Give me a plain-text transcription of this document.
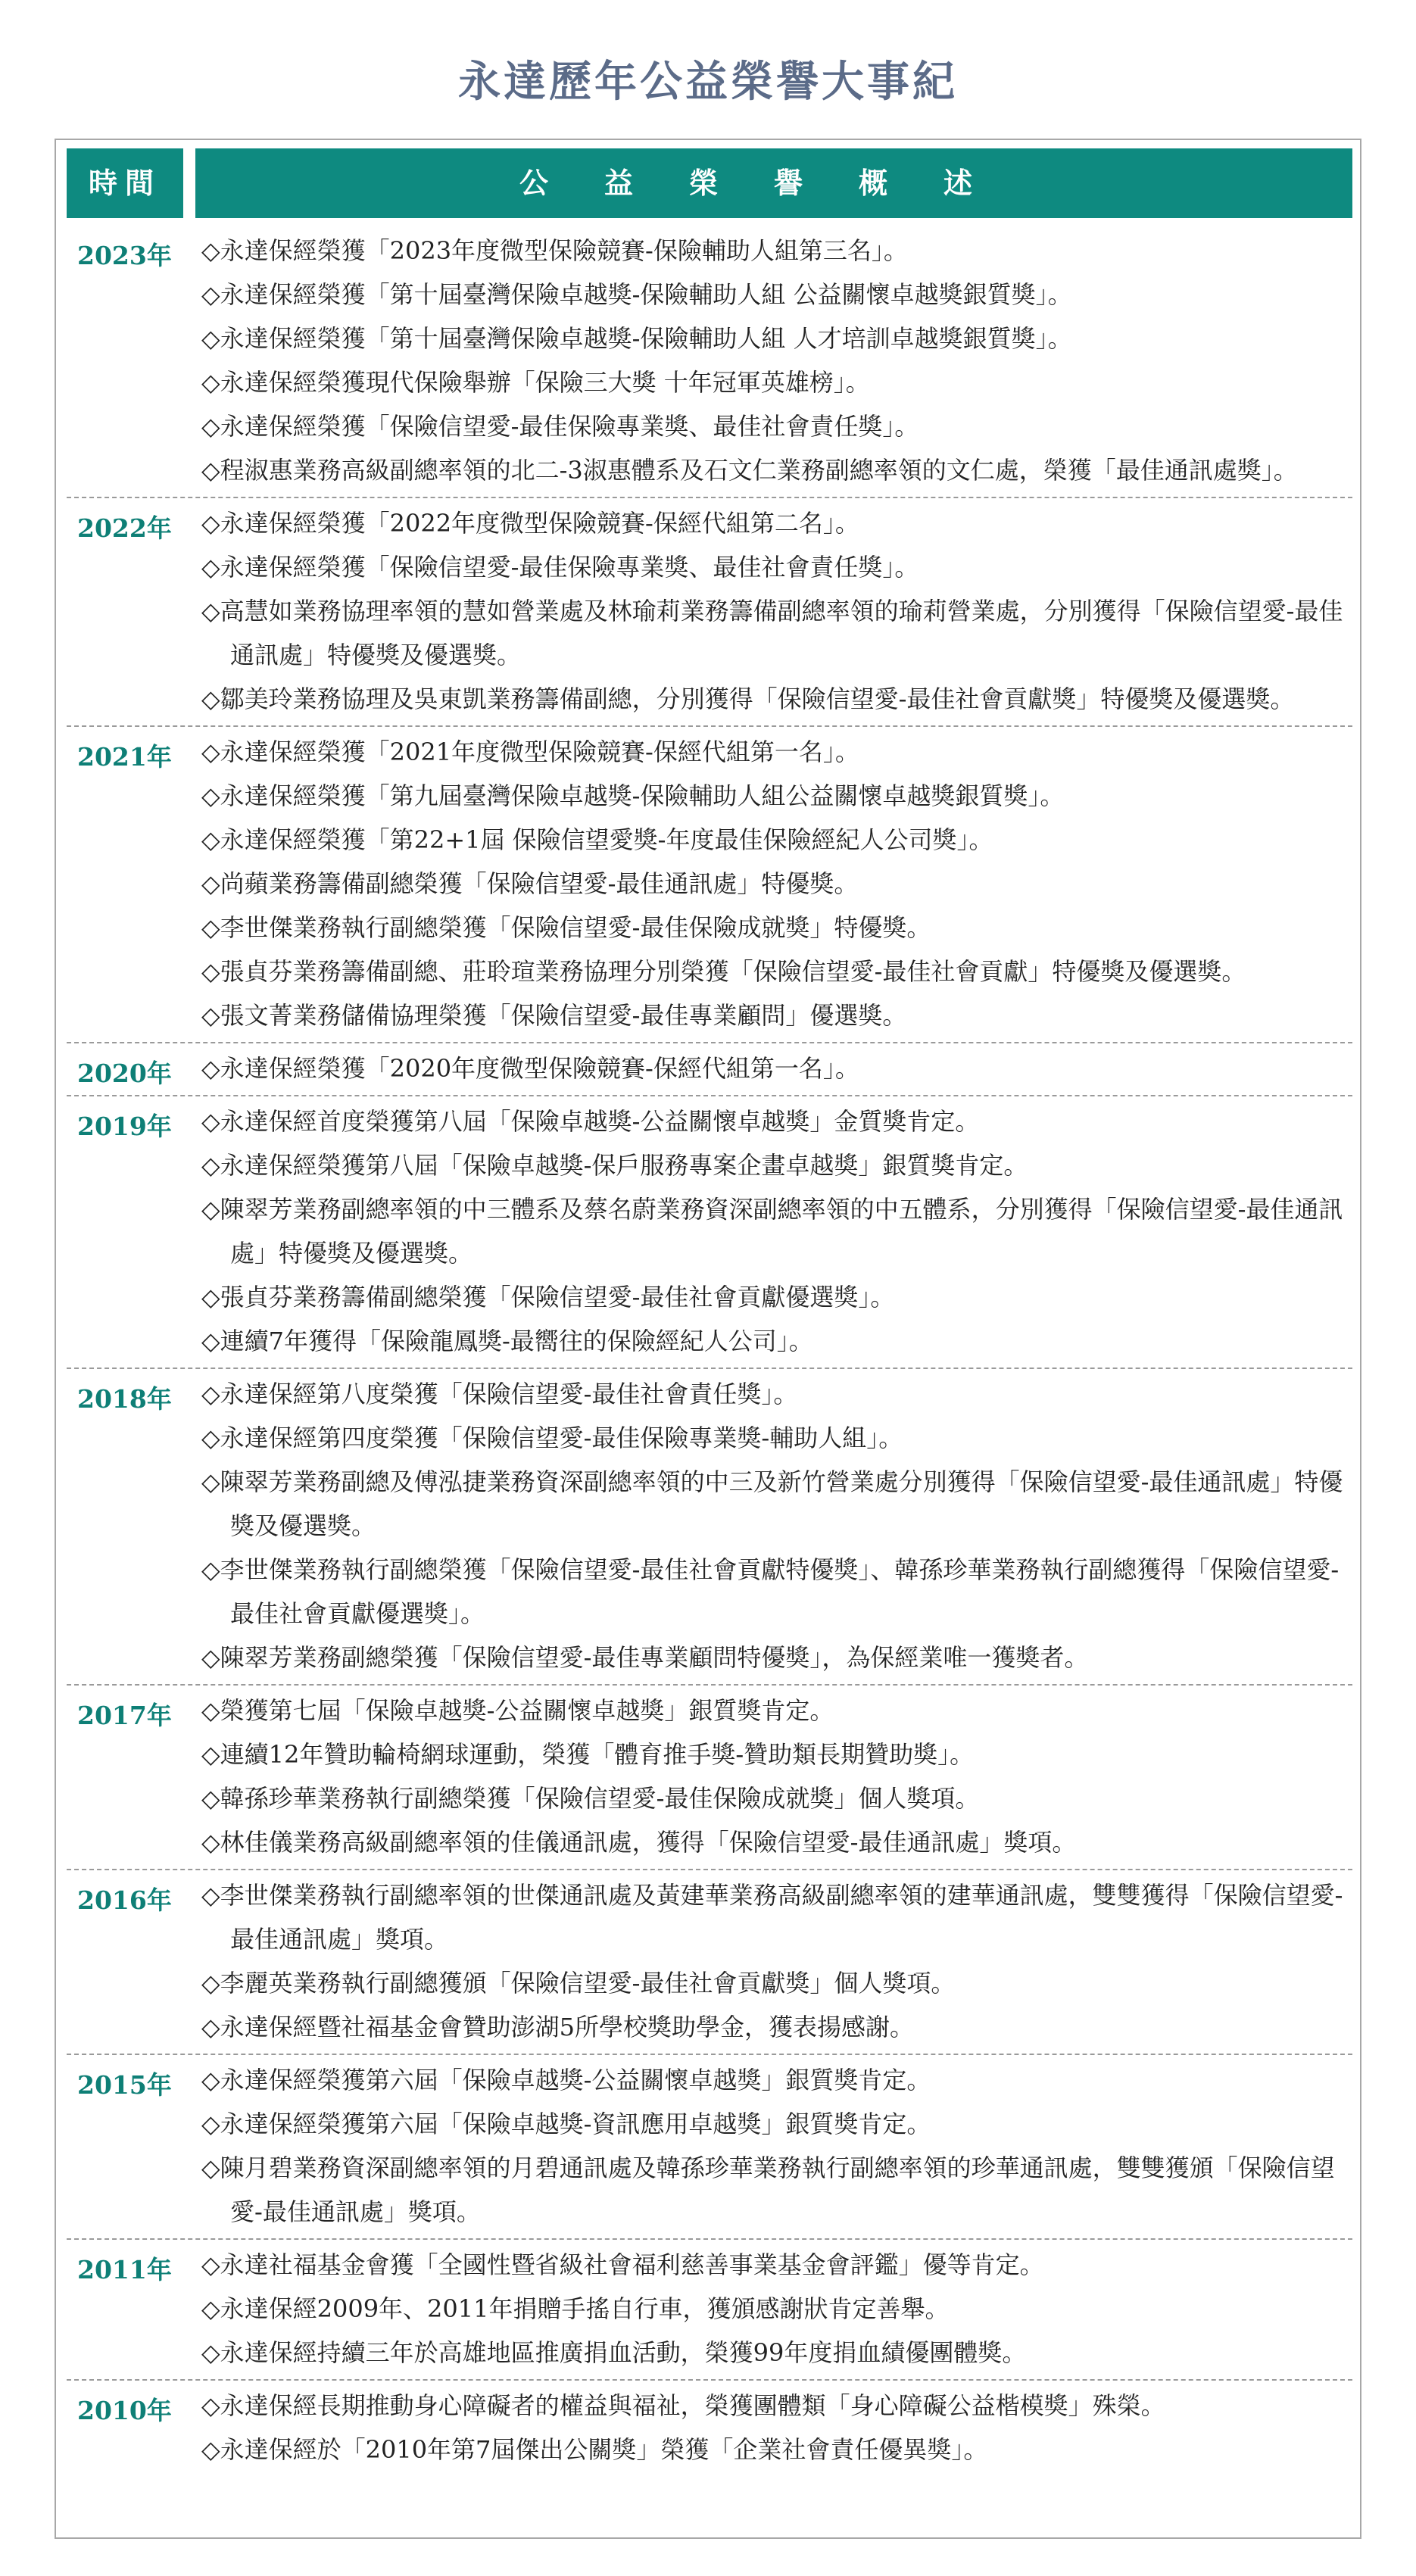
永達歷年公益榮譽大事紀
時間	公益榮譽概述
2023年	◇永達保經榮獲「2023年度微型保險競賽-保險輔助人組第三名」。

◇永達保經榮獲「第十屆臺灣保險卓越獎-保險輔助人組 公益關懷卓越獎銀質獎」。

◇永達保經榮獲「第十屆臺灣保險卓越獎-保險輔助人組 人才培訓卓越獎銀質獎」。

◇永達保經榮獲現代保險舉辦「保險三大獎 十年冠軍英雄榜」。

◇永達保經榮獲「保險信望愛-最佳保險專業獎、最佳社會責任獎」。

◇程淑惠業務高級副總率領的北二-3淑惠體系及石文仁業務副總率領的文仁處，榮獲「最佳通訊處獎」。

2022年	◇永達保經榮獲「2022年度微型保險競賽-保經代組第二名」。

◇永達保經榮獲「保險信望愛-最佳保險專業獎、最佳社會責任獎」。

◇高慧如業務協理率領的慧如營業處及林瑜莉業務籌備副總率領的瑜莉營業處，分別獲得「保險信望愛-最佳通訊處」特優獎及優選獎。

◇鄒美玲業務協理及吳東凱業務籌備副總，分別獲得「保險信望愛-最佳社會貢獻獎」特優獎及優選獎。

2021年	◇永達保經榮獲「2021年度微型保險競賽-保經代組第一名」。

◇永達保經榮獲「第九屆臺灣保險卓越獎-保險輔助人組公益關懷卓越獎銀質獎」。

◇永達保經榮獲「第22+1屆 保險信望愛獎-年度最佳保險經紀人公司獎」。

◇尚蘋業務籌備副總榮獲「保險信望愛-最佳通訊處」特優獎。

◇李世傑業務執行副總榮獲「保險信望愛-最佳保險成就獎」特優獎。

◇張貞芬業務籌備副總、莊聆瑄業務協理分別榮獲「保險信望愛-最佳社會貢獻」特優獎及優選獎。

◇張文菁業務儲備協理榮獲「保險信望愛-最佳專業顧問」優選獎。

2020年	◇永達保經榮獲「2020年度微型保險競賽-保經代組第一名」。

2019年	◇永達保經首度榮獲第八屆「保險卓越獎-公益關懷卓越獎」金質獎肯定。

◇永達保經榮獲第八屆「保險卓越獎-保戶服務專案企畫卓越獎」銀質獎肯定。

◇陳翠芳業務副總率領的中三體系及蔡名蔚業務資深副總率領的中五體系，分別獲得「保險信望愛-最佳通訊處」特優獎及優選獎。

◇張貞芬業務籌備副總榮獲「保險信望愛-最佳社會貢獻優選獎」。

◇連續7年獲得「保險龍鳳獎-最嚮往的保險經紀人公司」。

2018年	◇永達保經第八度榮獲「保險信望愛-最佳社會責任獎」。

◇永達保經第四度榮獲「保險信望愛-最佳保險專業獎-輔助人組」。

◇陳翠芳業務副總及傅泓捷業務資深副總率領的中三及新竹營業處分別獲得「保險信望愛-最佳通訊處」特優獎及優選獎。

◇李世傑業務執行副總榮獲「保險信望愛-最佳社會貢獻特優獎」、韓孫珍華業務執行副總獲得「保險信望愛-最佳社會貢獻優選獎」。

◇陳翠芳業務副總榮獲「保險信望愛-最佳專業顧問特優獎」，為保經業唯一獲獎者。

2017年	◇榮獲第七屆「保險卓越獎-公益關懷卓越獎」銀質獎肯定。

◇連續12年贊助輪椅網球運動，榮獲「體育推手獎-贊助類長期贊助獎」。

◇韓孫珍華業務執行副總榮獲「保險信望愛-最佳保險成就獎」個人獎項。

◇林佳儀業務高級副總率領的佳儀通訊處，獲得「保險信望愛-最佳通訊處」獎項。

2016年	◇李世傑業務執行副總率領的世傑通訊處及黃建華業務高級副總率領的建華通訊處，雙雙獲得「保險信望愛-最佳通訊處」獎項。

◇李麗英業務執行副總獲頒「保險信望愛-最佳社會貢獻獎」個人獎項。

◇永達保經暨社福基金會贊助澎湖5所學校獎助學金，獲表揚感謝。

2015年	◇永達保經榮獲第六屆「保險卓越獎-公益關懷卓越獎」銀質獎肯定。

◇永達保經榮獲第六屆「保險卓越獎-資訊應用卓越獎」銀質獎肯定。

◇陳月碧業務資深副總率領的月碧通訊處及韓孫珍華業務執行副總率領的珍華通訊處，雙雙獲頒「保險信望愛-最佳通訊處」獎項。

2011年	◇永達社福基金會獲「全國性暨省級社會福利慈善事業基金會評鑑」優等肯定。

◇永達保經2009年、2011年捐贈手搖自行車，獲頒感謝狀肯定善舉。

◇永達保經持續三年於高雄地區推廣捐血活動，榮獲99年度捐血績優團體獎。

2010年	◇永達保經長期推動身心障礙者的權益與福祉，榮獲團體類「身心障礙公益楷模獎」殊榮。

◇永達保經於「2010年第7屆傑出公關獎」榮獲「企業社會責任優異獎」。
